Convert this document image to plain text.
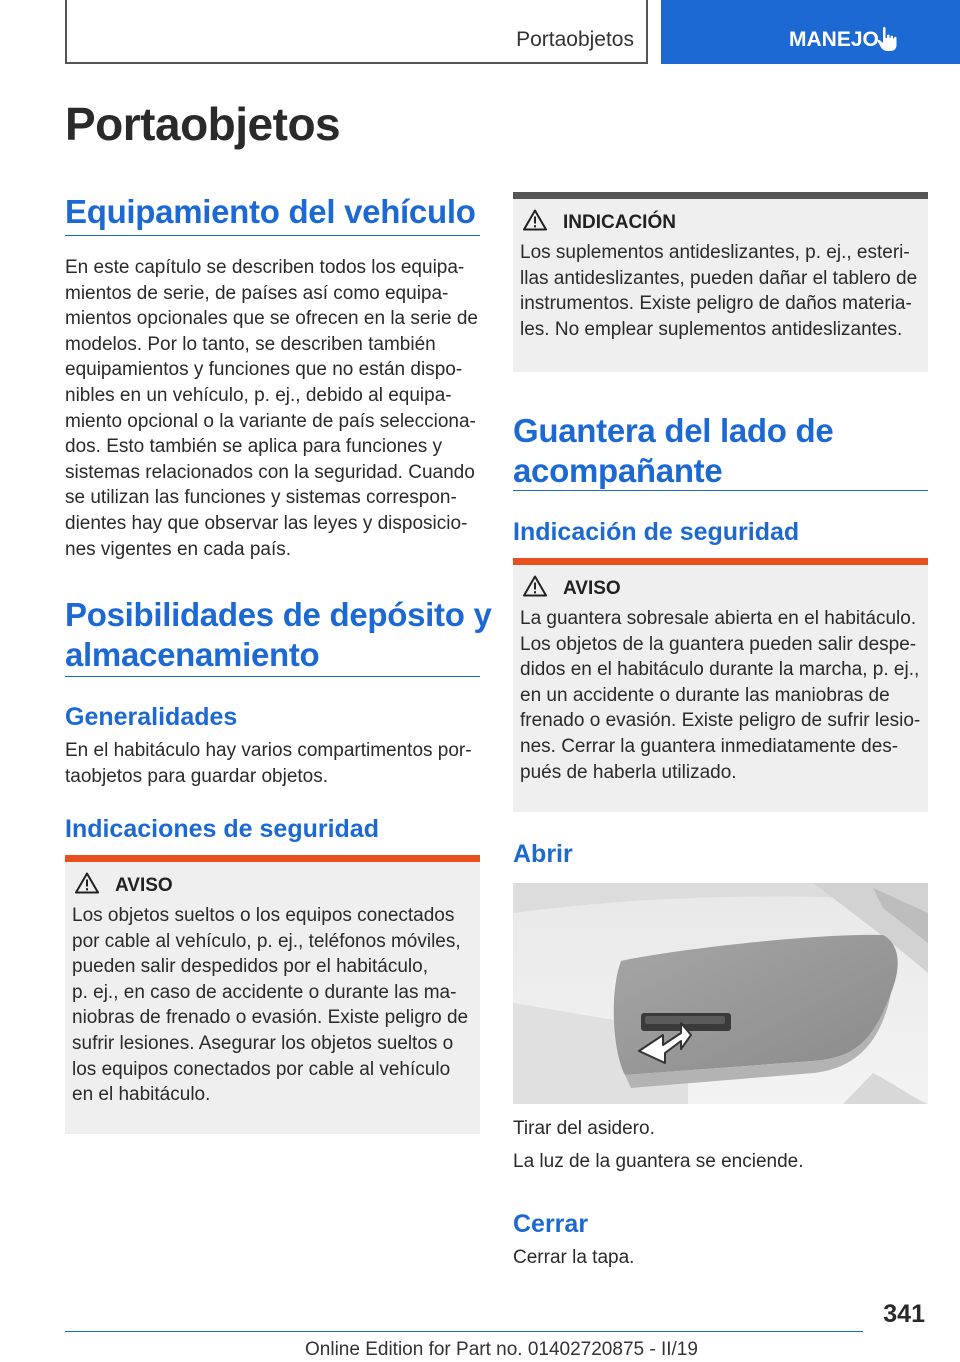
Portaobjetos	MANEJO
Portaobjetos
Equipamiento del vehículo
En este capítulo se describen todos los equipa‐
mientos de serie, de países así como equipa‐
mientos opcionales que se ofrecen en la serie de
modelos. Por lo tanto, se describen también
equipamientos y funciones que no están dispo‐
nibles en un vehículo, p. ej., debido al equipa‐
miento opcional o la variante de país selecciona‐
dos. Esto también se aplica para funciones y
sistemas relacionados con la seguridad. Cuando
se utilizan las funciones y sistemas correspon‐
dientes hay que observar las leyes y disposicio‐
nes vigentes en cada país.
Posibilidades de depósito y
almacenamiento
Generalidades
En el habitáculo hay varios compartimentos por‐
taobjetos para guardar objetos.
Indicaciones de seguridad
AVISO
Los objetos sueltos o los equipos conectados
por cable al vehículo, p. ej., teléfonos móviles,
pueden salir despedidos por el habitáculo,
p. ej., en caso de accidente o durante las ma‐
niobras de frenado o evasión. Existe peligro de
sufrir lesiones. Asegurar los objetos sueltos o
los equipos conectados por cable al vehículo
en el habitáculo.
INDICACIÓN
Los suplementos antideslizantes, p. ej., esteri‐
llas antideslizantes, pueden dañar el tablero de
instrumentos. Existe peligro de daños materia‐
les. No emplear suplementos antideslizantes.
Guantera del lado de
acompañante
Indicación de seguridad
AVISO
La guantera sobresale abierta en el habitáculo.
Los objetos de la guantera pueden salir despe‐
didos en el habitáculo durante la marcha, p. ej.,
en un accidente o durante las maniobras de
frenado o evasión. Existe peligro de sufrir lesio‐
nes. Cerrar la guantera inmediatamente des‐
pués de haberla utilizado.
Abrir
Tirar del asidero.
La luz de la guantera se enciende.
Cerrar
Cerrar la tapa.
341
Online Edition for Part no. 01402720875 - II/19
